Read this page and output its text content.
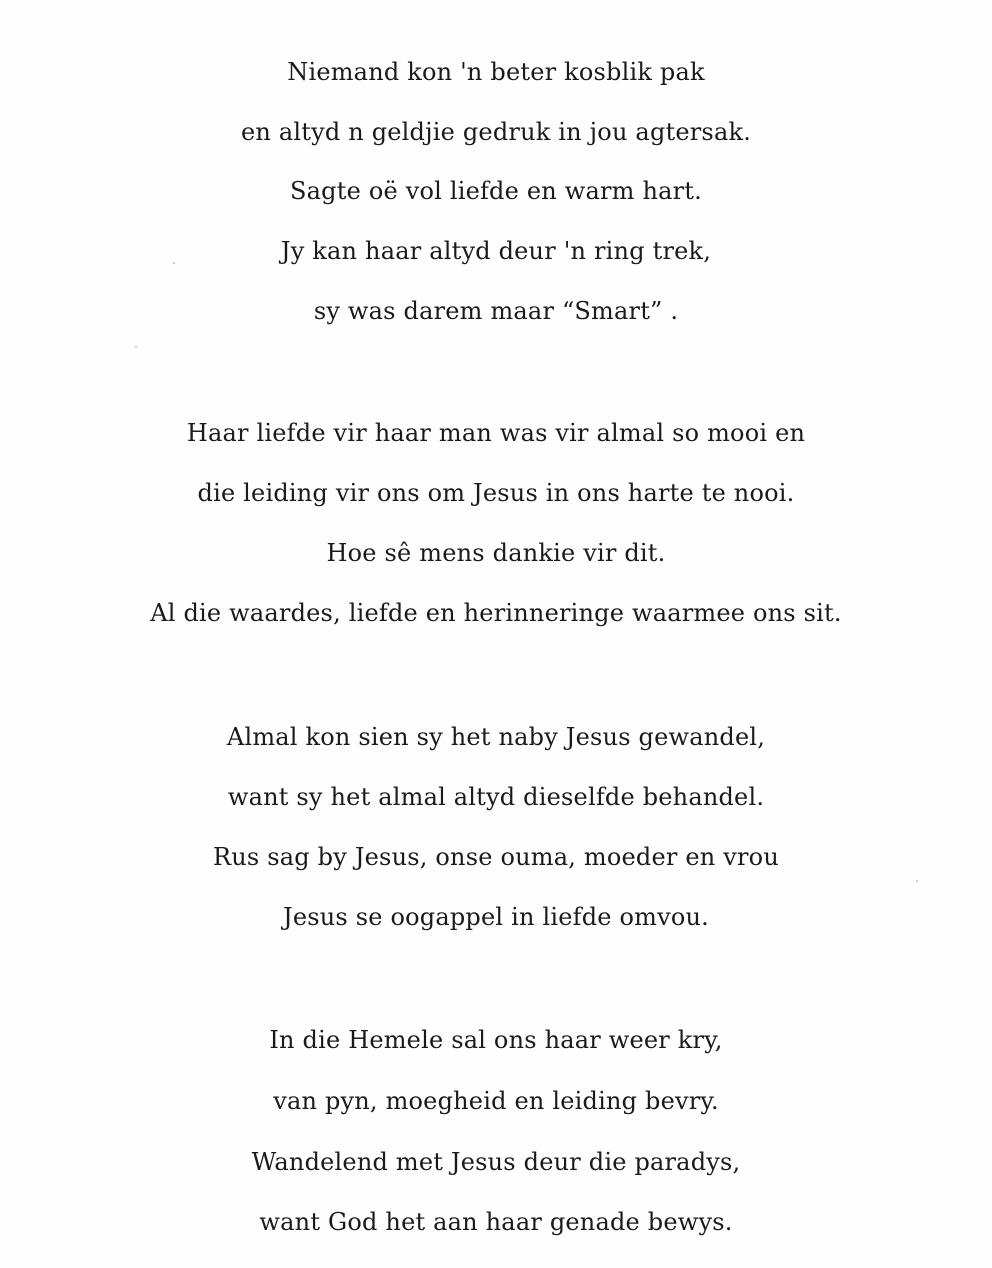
Niemand kon 'n beter kosblik pak
en altyd n geldjie gedruk in jou agtersak.
Sagte oë vol liefde en warm hart.
Jy kan haar altyd deur 'n ring trek,
sy was darem maar “Smart” .
Haar liefde vir haar man was vir almal so mooi en
die leiding vir ons om Jesus in ons harte te nooi.
Hoe sê mens dankie vir dit.
Al die waardes, liefde en herinneringe waarmee ons sit.
Almal kon sien sy het naby Jesus gewandel,
want sy het almal altyd dieselfde behandel.
Rus sag by Jesus, onse ouma, moeder en vrou
Jesus se oogappel in liefde omvou.
In die Hemele sal ons haar weer kry,
van pyn, moegheid en leiding bevry.
Wandelend met Jesus deur die paradys,
want God het aan haar genade bewys.
